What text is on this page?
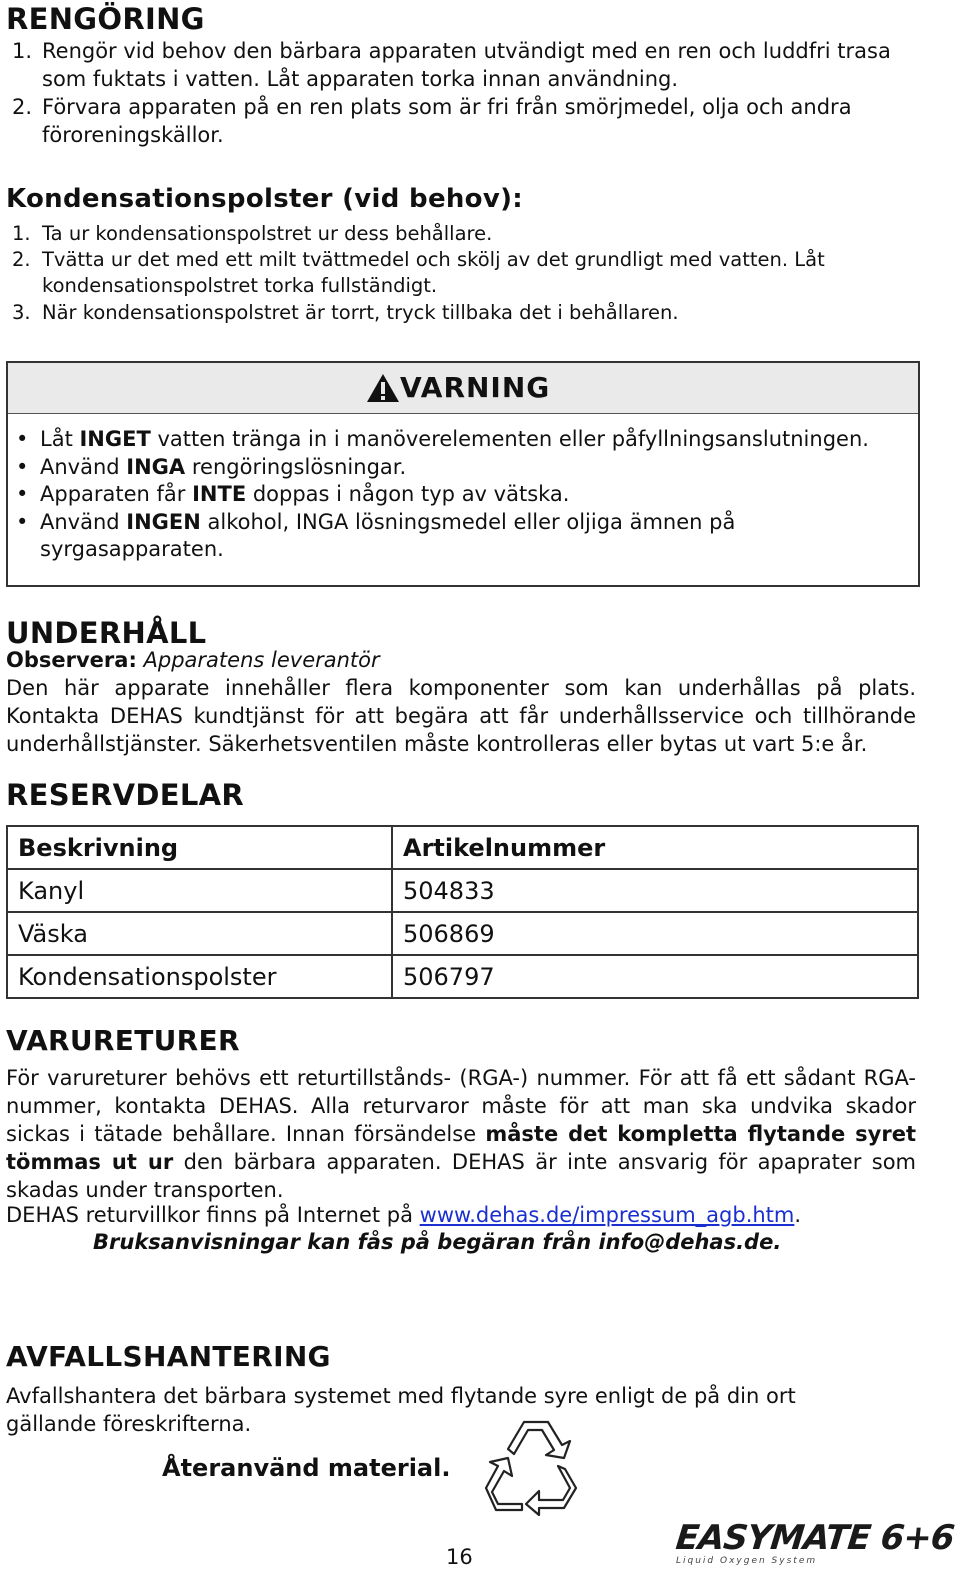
RENGÖRING
1. Rengör vid behov den bärbara apparaten utvändigt med en ren och luddfri trasa som fuktats i vatten. Låt apparaten torka innan användning.
2. Förvara apparaten på en ren plats som är fri från smörjmedel, olja och andra föroreningskällor.
Kondensationspolster (vid behov):
1. Ta ur kondensationspolstret ur dess behållare.
2. Tvätta ur det med ett milt tvättmedel och skölj av det grundligt med vatten. Låt kondensationspolstret torka fullständigt.
3. När kondensationspolstret är torrt, tryck tillbaka det i behållaren.
VARNING
• Låt INGET vatten tränga in i manöverelementen eller påfyllningsanslutningen.
• Använd INGA rengöringslösningar.
• Apparaten får INTE doppas i någon typ av vätska.
• Använd INGEN alkohol, INGA lösningsmedel eller oljiga ämnen på syrgasapparaten.
UNDERHÅLL
Observera: Apparatens leverantör
Den här apparate innehåller flera komponenter som kan underhållas på plats. Kontakta DEHAS kundtjänst för att begära att får underhållsservice och tillhörande underhållstjänster. Säkerhetsventilen måste kontrolleras eller bytas ut vart 5:e år.
RESERVDELAR
Beskrivning	Artikelnummer
Kanyl	504833
Väska	506869
Kondensationspolster	506797
VARURETURER
För varureturer behövs ett returtillstånds- (RGA-) nummer. För att få ett sådant RGA-nummer, kontakta DEHAS. Alla returvaror måste för att man ska undvika skador sickas i tätade behållare. Innan försändelse måste det kompletta flytande syret tömmas ut ur den bärbara apparaten. DEHAS är inte ansvarig för apaprater som skadas under transporten.
DEHAS returvillkor finns på Internet på www.dehas.de/impressum_agb.htm.
Bruksanvisningar kan fås på begäran från info@dehas.de.
AVFALLSHANTERING
Avfallshantera det bärbara systemet med flytande syre enligt de på din ort gällande föreskrifterna.
Återanvänd material.
16	EASYMATE 6+6
Liquid Oxygen System
